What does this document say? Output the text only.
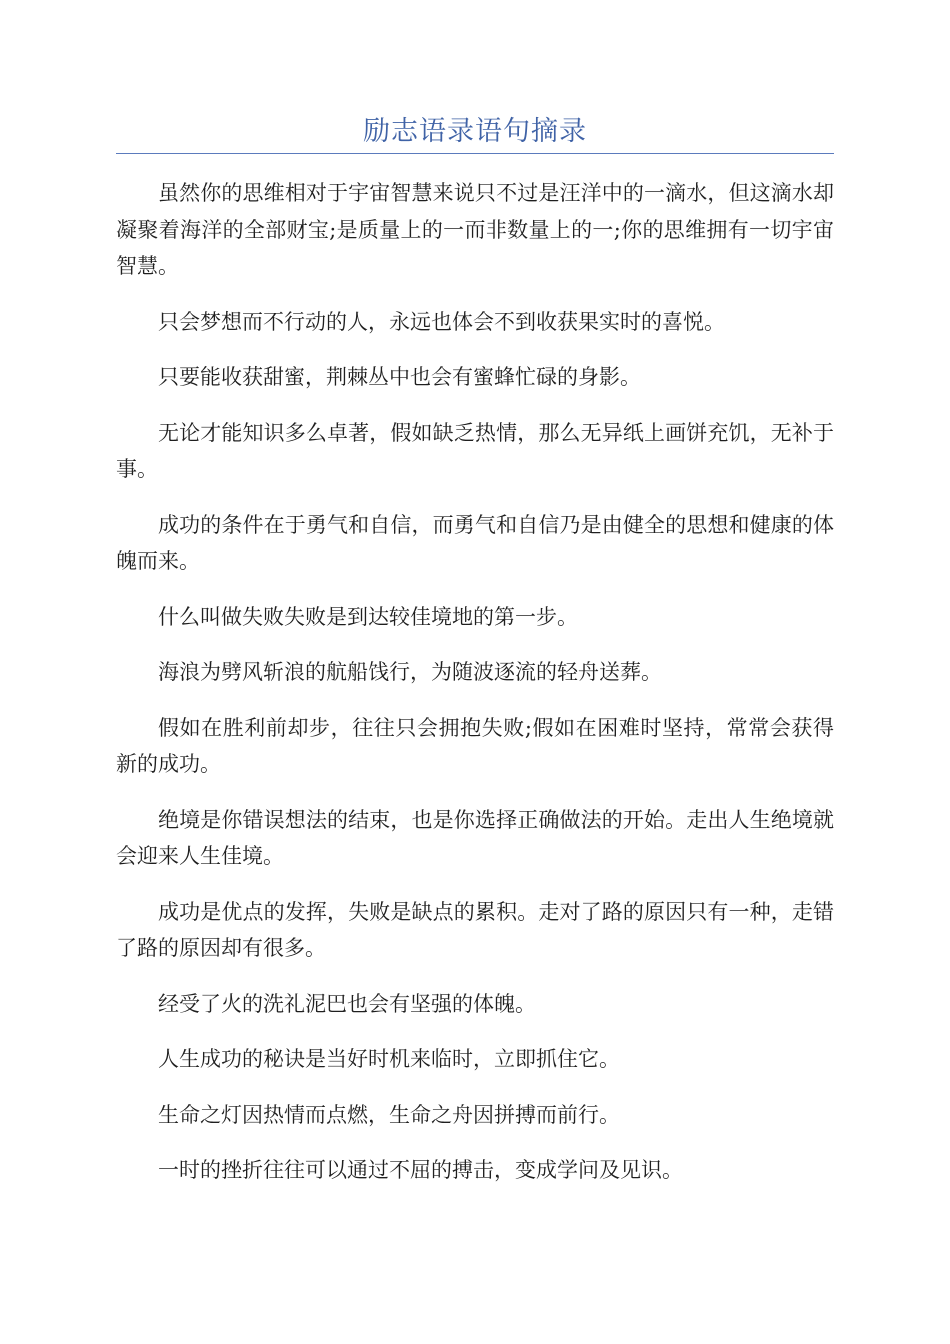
励志语录语句摘录

虽然你的思维相对于宇宙智慧来说只不过是汪洋中的一滴水，但这滴水却凝聚着海洋的全部财宝;是质量上的一而非数量上的一;你的思维拥有一切宇宙智慧。

只会梦想而不行动的人，永远也体会不到收获果实时的喜悦。

只要能收获甜蜜，荆棘丛中也会有蜜蜂忙碌的身影。

无论才能知识多么卓著，假如缺乏热情，那么无异纸上画饼充饥，无补于事。

成功的条件在于勇气和自信，而勇气和自信乃是由健全的思想和健康的体魄而来。

什么叫做失败失败是到达较佳境地的第一步。

海浪为劈风斩浪的航船饯行，为随波逐流的轻舟送葬。

假如在胜利前却步，往往只会拥抱失败;假如在困难时坚持，常常会获得新的成功。

绝境是你错误想法的结束，也是你选择正确做法的开始。走出人生绝境就会迎来人生佳境。

成功是优点的发挥，失败是缺点的累积。走对了路的原因只有一种，走错了路的原因却有很多。

经受了火的洗礼泥巴也会有坚强的体魄。

人生成功的秘诀是当好时机来临时，立即抓住它。

生命之灯因热情而点燃，生命之舟因拼搏而前行。

一时的挫折往往可以通过不屈的搏击，变成学问及见识。
